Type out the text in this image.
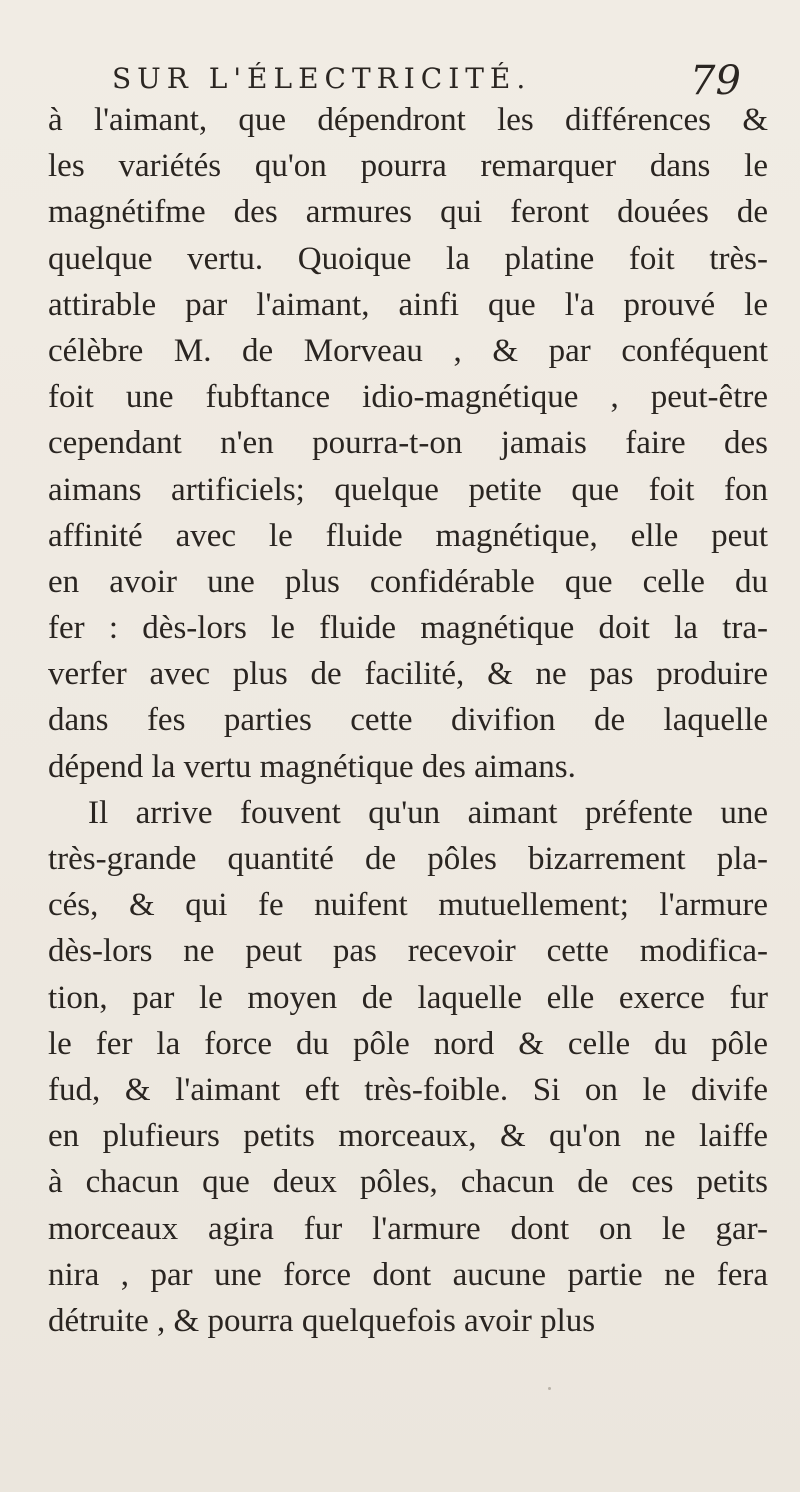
SUR L'ÉLECTRICITÉ.	79
à l'aimant, que dépendront les différences &
les variétés qu'on pourra remarquer dans le
magnétifme des armures qui feront douées de
quelque vertu. Quoique la platine foit très-
attirable par l'aimant, ainfi que l'a prouvé le
célèbre M. de Morveau , & par conféquent
foit une fubftance idio-magnétique , peut-être
cependant n'en pourra-t-on jamais faire des
aimans artificiels; quelque petite que foit fon
affinité avec le fluide magnétique, elle peut
en avoir une plus confidérable que celle du
fer : dès-lors le fluide magnétique doit la tra-
verfer avec plus de facilité, & ne pas produire
dans fes parties cette divifion de laquelle
dépend la vertu magnétique des aimans.
Il arrive fouvent qu'un aimant préfente une
très-grande quantité de pôles bizarrement pla-
cés, & qui fe nuifent mutuellement; l'armure
dès-lors ne peut pas recevoir cette modifica-
tion, par le moyen de laquelle elle exerce fur
le fer la force du pôle nord & celle du pôle
fud, & l'aimant eft très-foible. Si on le divife
en plufieurs petits morceaux, & qu'on ne laiffe
à chacun que deux pôles, chacun de ces petits
morceaux agira fur l'armure dont on le gar-
nira , par une force dont aucune partie ne fera
détruite , & pourra quelquefois avoir plus
